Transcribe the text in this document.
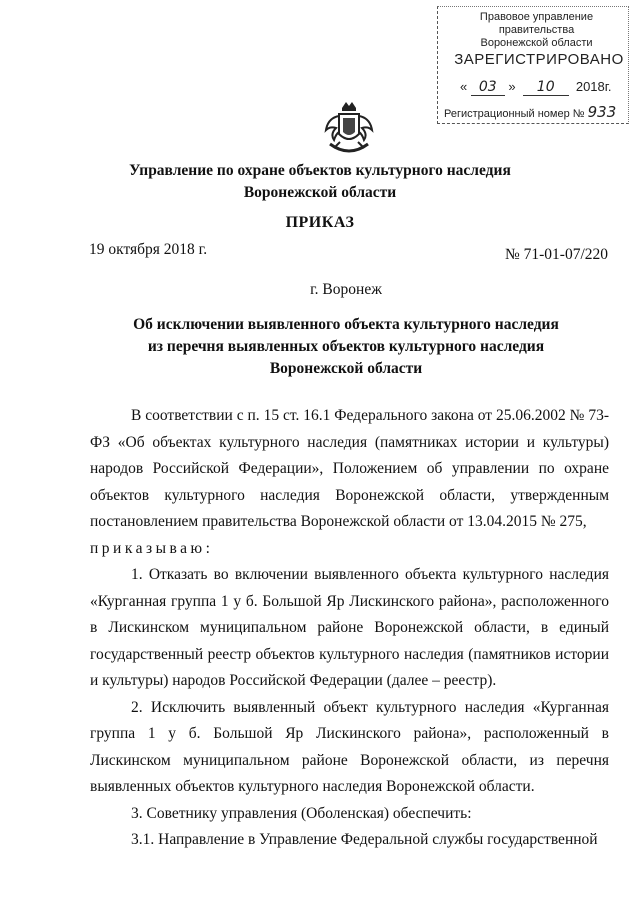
Правовое управление правительства
Воронежской области
ЗАРЕГИСТРИРОВАНО
« 03 » 10 2018г.
Регистрационный номер № 933
Управление по охране объектов культурного наследия
Воронежской области
ПРИКАЗ
19 октября 2018 г.	№ 71-01-07/220
г. Воронеж
Об исключении выявленного объекта культурного наследия
из перечня выявленных объектов культурного наследия
Воронежской области
В соответствии с п. 15 ст. 16.1 Федерального закона от 25.06.2002 № 73-ФЗ «Об объектах культурного наследия (памятниках истории и культуры) народов Российской Федерации», Положением об управлении по охране объектов культурного наследия Воронежской области, утвержденным постановлением правительства Воронежской области от 13.04.2015 № 275,
приказываю:
1. Отказать во включении выявленного объекта культурного наследия «Курганная группа 1 у б. Большой Яр Лискинского района», расположенного в Лискинском муниципальном районе Воронежской области, в единый государственный реестр объектов культурного наследия (памятников истории и культуры) народов Российской Федерации (далее – реестр).
2. Исключить выявленный объект культурного наследия «Курганная группа 1 у б. Большой Яр Лискинского района», расположенный в Лискинском муниципальном районе Воронежской области, из перечня выявленных объектов культурного наследия Воронежской области.
3. Советнику управления (Оболенская) обеспечить:
3.1. Направление в Управление Федеральной службы государственной
